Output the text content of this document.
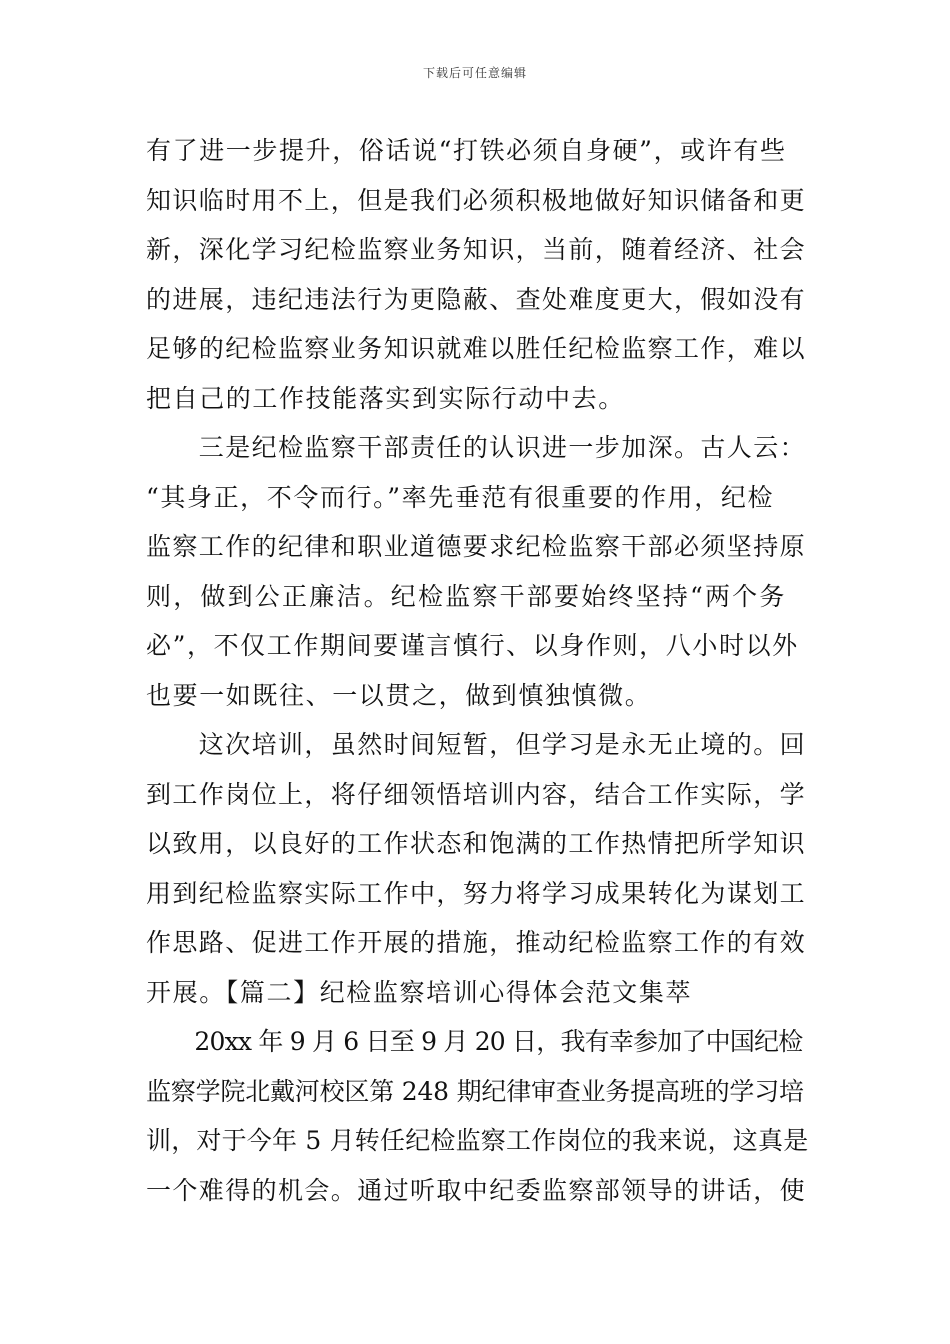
下载后可任意编辑
有了进一步提升，俗话说“打铁必须自身硬”，或许有些
知识临时用不上，但是我们必须积极地做好知识储备和更
新，深化学习纪检监察业务知识，当前，随着经济、社会
的进展，违纪违法行为更隐蔽、查处难度更大，假如没有
足够的纪检监察业务知识就难以胜任纪检监察工作，难以
把自己的工作技能落实到实际行动中去。
　　三是纪检监察干部责任的认识进一步加深。古人云：
“其身正，不令而行。”率先垂范有很重要的作用，纪检
监察工作的纪律和职业道德要求纪检监察干部必须坚持原
则，做到公正廉洁。纪检监察干部要始终坚持“两个务
必”，不仅工作期间要谨言慎行、以身作则，八小时以外
也要一如既往、一以贯之，做到慎独慎微。
　　这次培训，虽然时间短暂，但学习是永无止境的。回
到工作岗位上，将仔细领悟培训内容，结合工作实际，学
以致用，以良好的工作状态和饱满的工作热情把所学知识
用到纪检监察实际工作中，努力将学习成果转化为谋划工
作思路、促进工作开展的措施，推动纪检监察工作的有效
开展。【篇二】纪检监察培训心得体会范文集萃
　　20xx 年 9 月 6 日至 9 月 20 日，我有幸参加了中国纪检
监察学院北戴河校区第 248 期纪律审查业务提高班的学习培
训，对于今年 5 月转任纪检监察工作岗位的我来说，这真是
一个难得的机会。通过听取中纪委监察部领导的讲话，使
